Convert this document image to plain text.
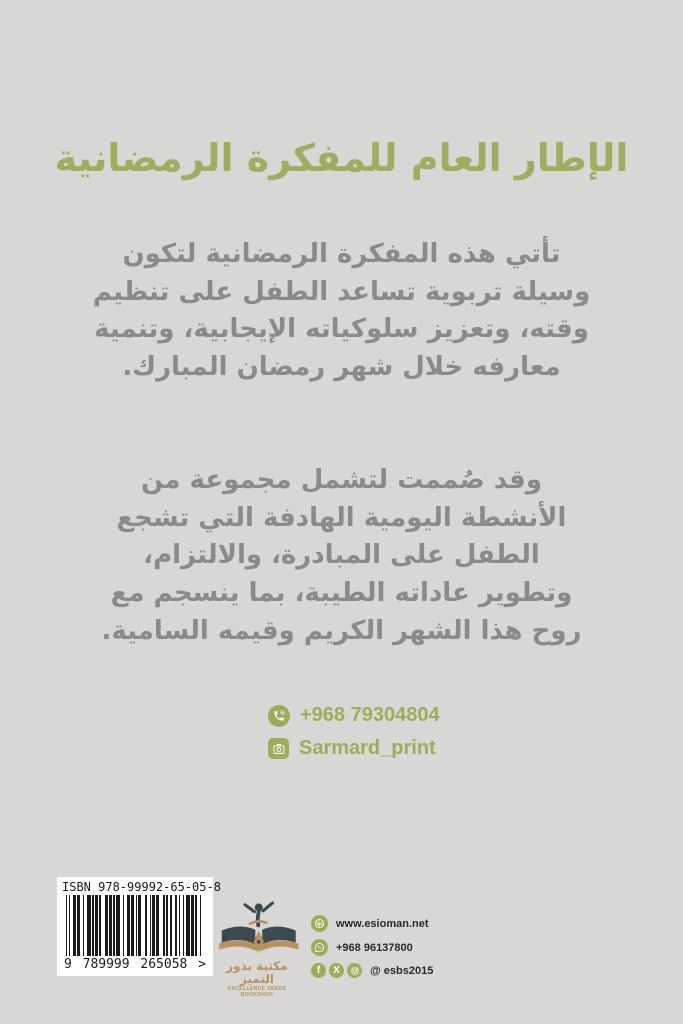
الإطار العام للمفكرة الرمضانية
تأتي هذه المفكرة الرمضانية لتكون وسيلة تربوية تساعد الطفل على تنظيم وقته، وتعزيز سلوكياته الإيجابية، وتنمية معارفه خلال شهر رمضان المبارك.
وقد صُممت لتشمل مجموعة من الأنشطة اليومية الهادفة التي تشجع الطفل على المبادرة، والالتزام، وتطوير عاداته الطيبة، بما ينسجم مع روح هذا الشهر الكريم وقيمه السامية.
+968 79304804
Sarmard_print
ISBN 978-99992-65-05-8
9 789999 265058 >	مكتبة بذور التميز
EXCELLENCE SEEDS BOOKSHOP
www.esioman.net
+968 96137800
f X	@ esbs2015
